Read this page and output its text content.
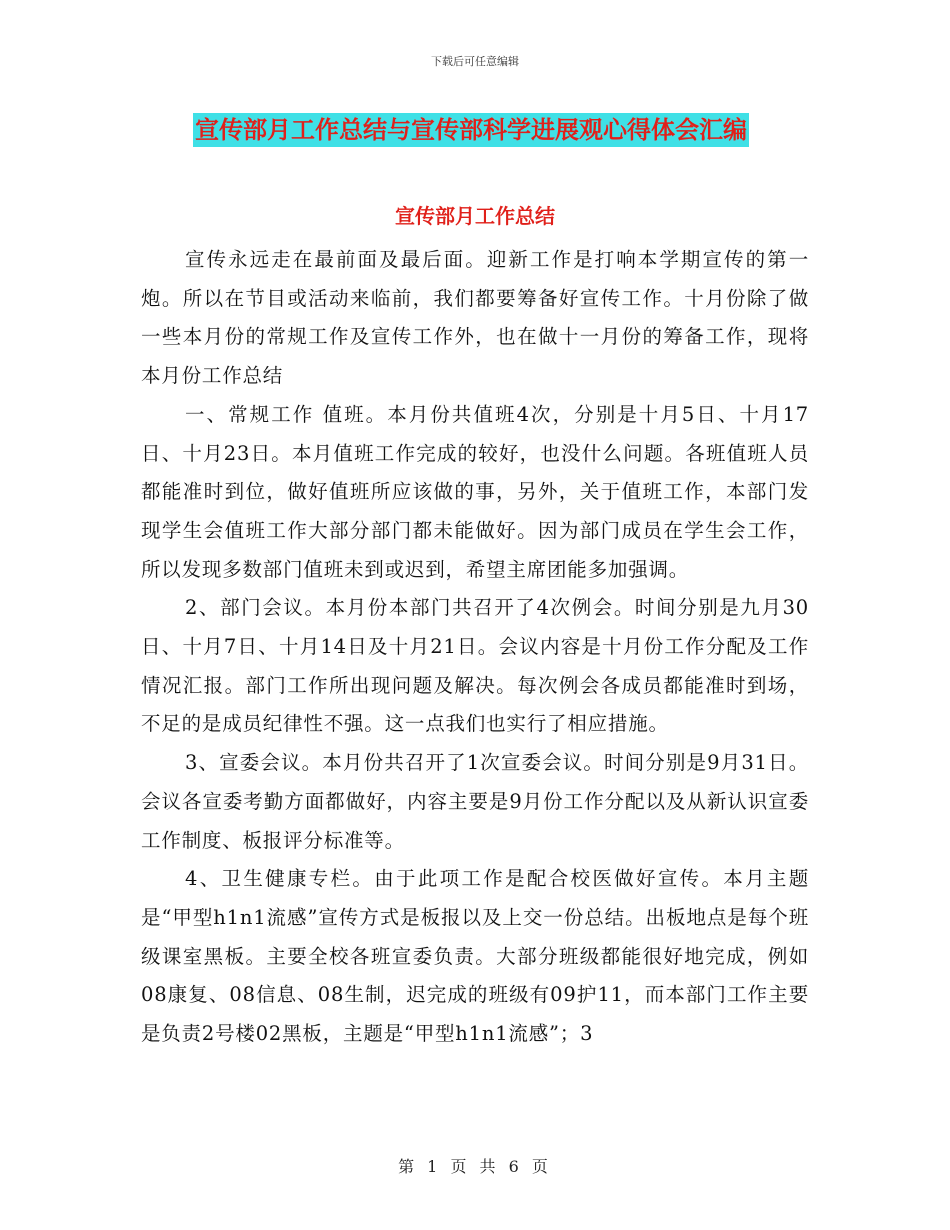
下载后可任意编辑
宣传部月工作总结与宣传部科学进展观心得体会汇编
宣传部月工作总结

宣传永远走在最前面及最后面。迎新工作是打响本学期宣传的第一炮。所以在节目或活动来临前，我们都要筹备好宣传工作。十月份除了做一些本月份的常规工作及宣传工作外，也在做十一月份的筹备工作，现将本月份工作总结

一、常规工作 值班。本月份共值班4次，分别是十月5日、十月17日、十月23日。本月值班工作完成的较好，也没什么问题。各班值班人员都能准时到位，做好值班所应该做的事，另外，关于值班工作，本部门发现学生会值班工作大部分部门都未能做好。因为部门成员在学生会工作，所以发现多数部门值班未到或迟到，希望主席团能多加强调。

2、部门会议。本月份本部门共召开了4次例会。时间分别是九月30日、十月7日、十月14日及十月21日。会议内容是十月份工作分配及工作情况汇报。部门工作所出现问题及解决。每次例会各成员都能准时到场，不足的是成员纪律性不强。这一点我们也实行了相应措施。

3、宣委会议。本月份共召开了1次宣委会议。时间分别是9月31日。会议各宣委考勤方面都做好，内容主要是9月份工作分配以及从新认识宣委工作制度、板报评分标准等。

4、卫生健康专栏。由于此项工作是配合校医做好宣传。本月主题是“甲型h1n1流感”宣传方式是板报以及上交一份总结。出板地点是每个班级课室黑板。主要全校各班宣委负责。大部分班级都能很好地完成，例如08康复、08信息、08生制，迟完成的班级有09护11，而本部门工作主要是负责2号楼02黑板，主题是“甲型h1n1流感”；3

第 1 页 共 6 页
